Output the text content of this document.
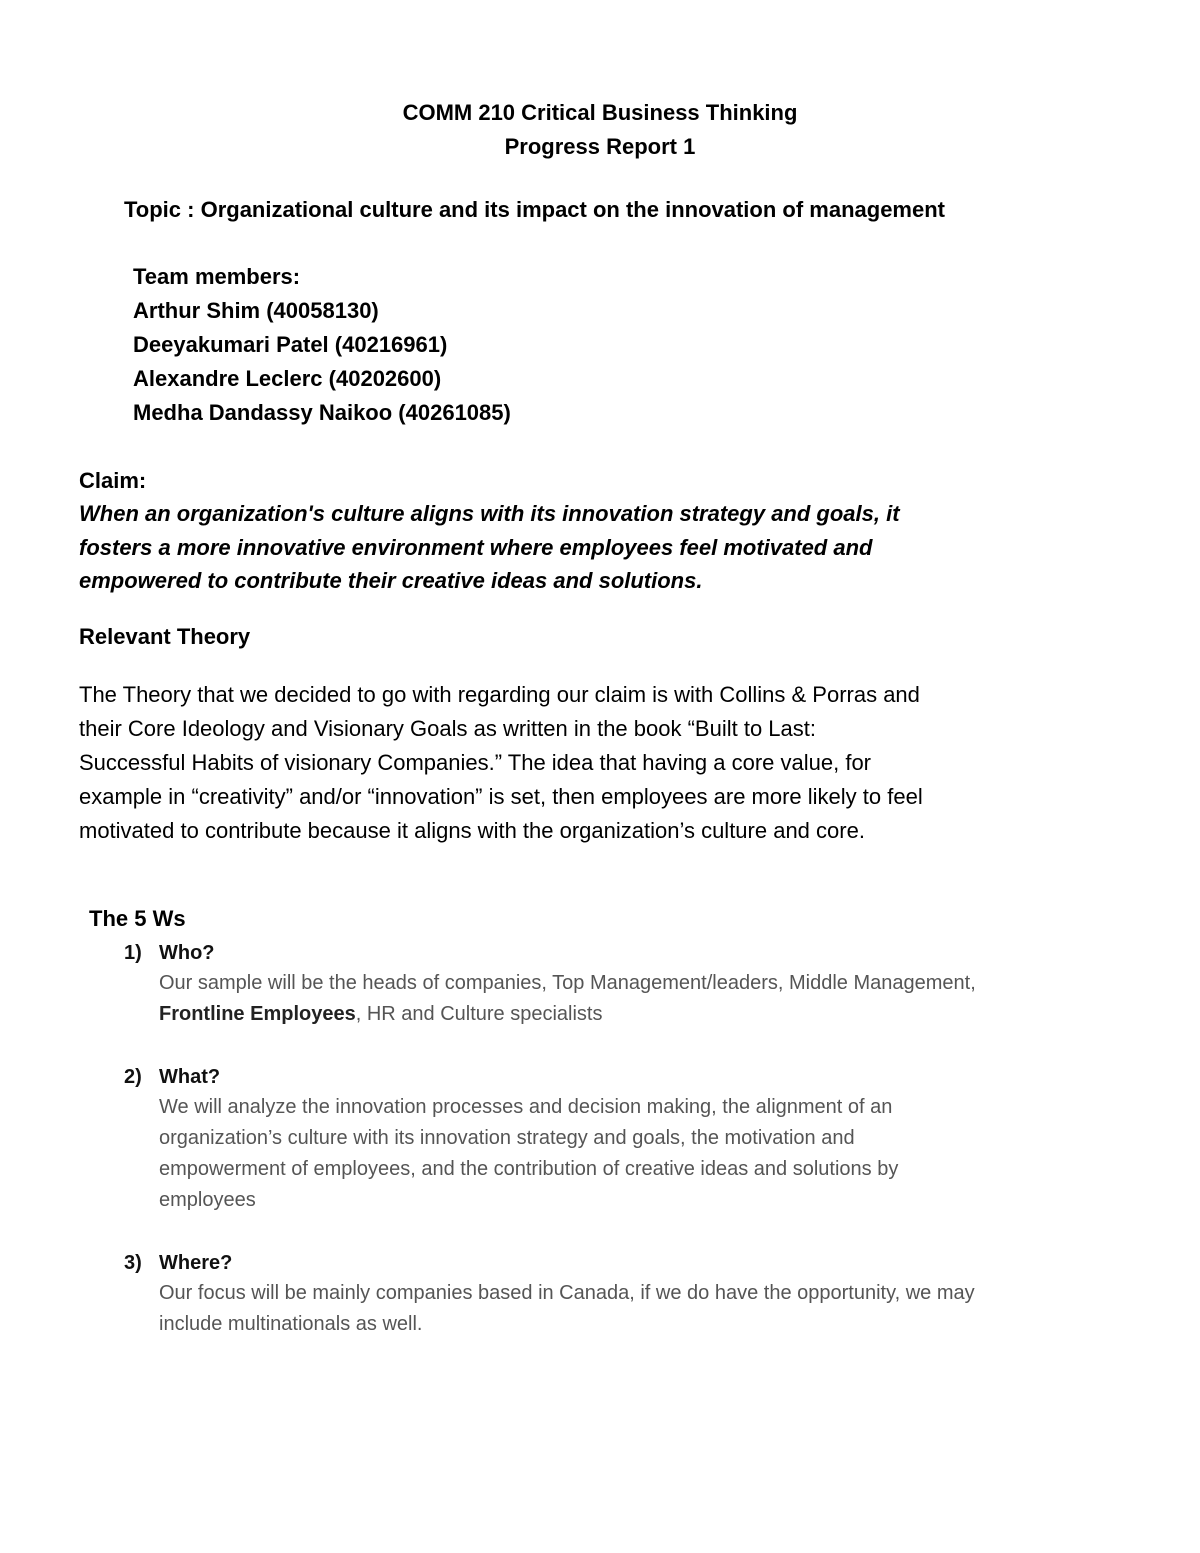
COMM 210 Critical Business Thinking
Progress Report 1
Topic : Organizational culture and its impact on the innovation of management
Team members:
Arthur Shim (40058130)
Deeyakumari Patel (40216961)
Alexandre Leclerc (40202600)
Medha Dandassy Naikoo (40261085)
Claim:
When an organization's culture aligns with its innovation strategy and goals, it
fosters a more innovative environment where employees feel motivated and
empowered to contribute their creative ideas and solutions.
Relevant Theory
The Theory that we decided to go with regarding our claim is with Collins & Porras and
their Core Ideology and Visionary Goals as written in the book “Built to Last:
Successful Habits of visionary Companies.” The idea that having a core value, for
example in “creativity” and/or “innovation” is set, then employees are more likely to feel
motivated to contribute because it aligns with the organization’s culture and core.
The 5 Ws
1) Who?
Our sample will be the heads of companies, Top Management/leaders, Middle Management,
Frontline Employees, HR and Culture specialists
2) What?
We will analyze the innovation processes and decision making, the alignment of an
organization’s culture with its innovation strategy and goals, the motivation and
empowerment of employees, and the contribution of creative ideas and solutions by
employees
3) Where?
Our focus will be mainly companies based in Canada, if we do have the opportunity, we may
include multinationals as well.
